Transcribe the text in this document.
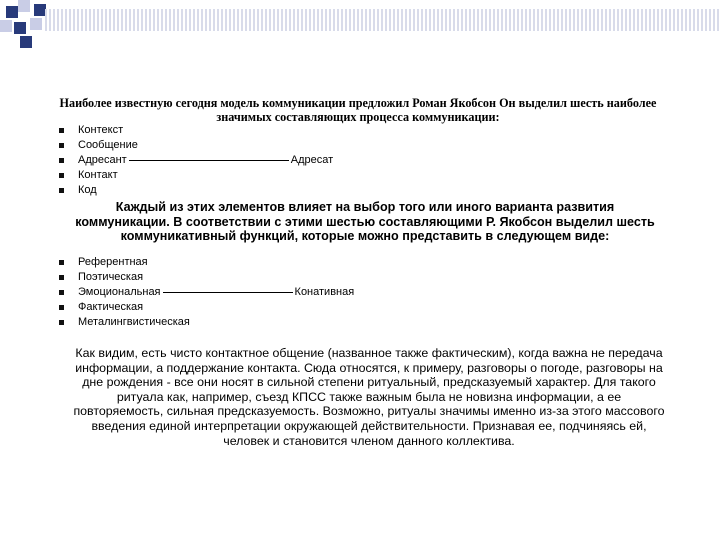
Наиболее известную сегодня модель коммуникации предложил Роман Якобсон Он выделил шесть наиболее значимых составляющих процесса коммуникации:
Контекст
Сообщение
Адресант	Адресат
Контакт
Код
Каждый из этих элементов влияет на выбор того или иного варианта развития коммуникации. В соответствии с этими шестью составляющими Р. Якобсон выделил шесть коммуникативный функций, которые можно представить в следующем виде:
Референтная
Поэтическая
Эмоциональная	Конативная
Фактическая
Металингвистическая
Как видим, есть чисто контактное общение (названное также фактическим), когда важна не передача информации, а поддержание контакта. Сюда относятся, к примеру, разговоры о погоде, разговоры на дне рождения - все они носят в сильной степени ритуальный, предсказуемый характер. Для такого ритуала как, например, съезд КПСС также важным была не новизна информации, а ее повторяемость, сильная предсказуемость. Возможно, ритуалы значимы именно из-за этого массового введения единой интерпретации окружающей действительности. Признавая ее, подчиняясь ей, человек и становится членом данного коллектива.
